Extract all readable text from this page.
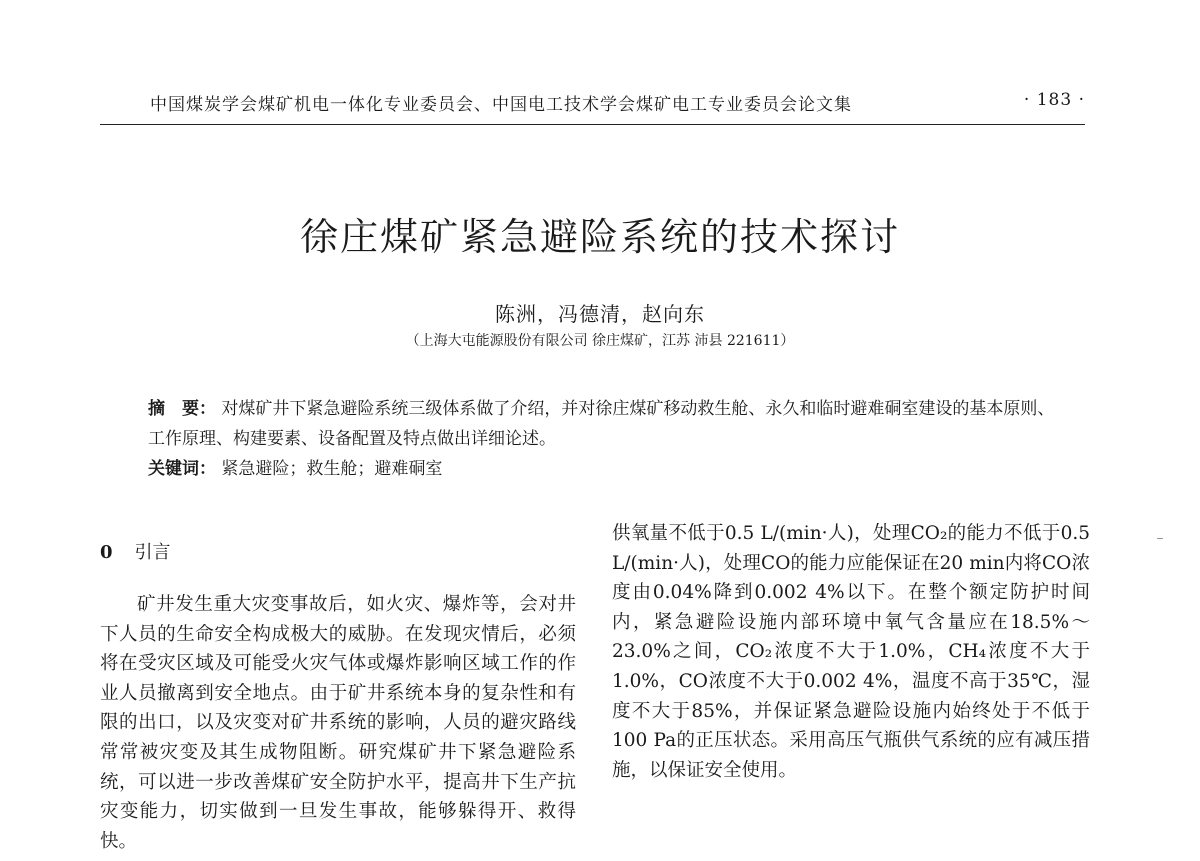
中国煤炭学会煤矿机电一体化专业委员会、中国电工技术学会煤矿电工专业委员会论文集	· 183 ·
徐庄煤矿紧急避险系统的技术探讨
陈洲，冯德清，赵向东
（上海大屯能源股份有限公司 徐庄煤矿，江苏 沛县 221611）
摘　要： 对煤矿井下紧急避险系统三级体系做了介绍，并对徐庄煤矿移动救生舱、永久和临时避难硐室建设的基本原则、工作原理、构建要素、设备配置及特点做出详细论述。
关键词： 紧急避险；救生舱；避难硐室
0 引言

矿井发生重大灾变事故后，如火灾、爆炸等，会对井下人员的生命安全构成极大的威胁。在发现灾情后，必须将在受灾区域及可能受火灾气体或爆炸影响区域工作的作业人员撤离到安全地点。由于矿井系统本身的复杂性和有限的出口，以及灾变对矿井系统的影响，人员的避灾路线常常被灾变及其生成物阻断。研究煤矿井下紧急避险系统，可以进一步改善煤矿安全防护水平，提高井下生产抗灾变能力，切实做到一旦发生事故，能够躲得开、救得快。

供氧量不低于0.5 L/(min·人)，处理CO₂的能力不低于0.5 L/(min·人)，处理CO的能力应能保证在20 min内将CO浓度由0.04%降到0.002 4%以下。在整个额定防护时间内，紧急避险设施内部环境中氧气含量应在18.5%～23.0%之间，CO₂浓度不大于1.0%，CH₄浓度不大于1.0%，CO浓度不大于0.002 4%，温度不高于35℃，湿度不大于85%，并保证紧急避险设施内始终处于不低于100 Pa的正压状态。采用高压气瓶供气系统的应有减压措施，以保证安全使用。
